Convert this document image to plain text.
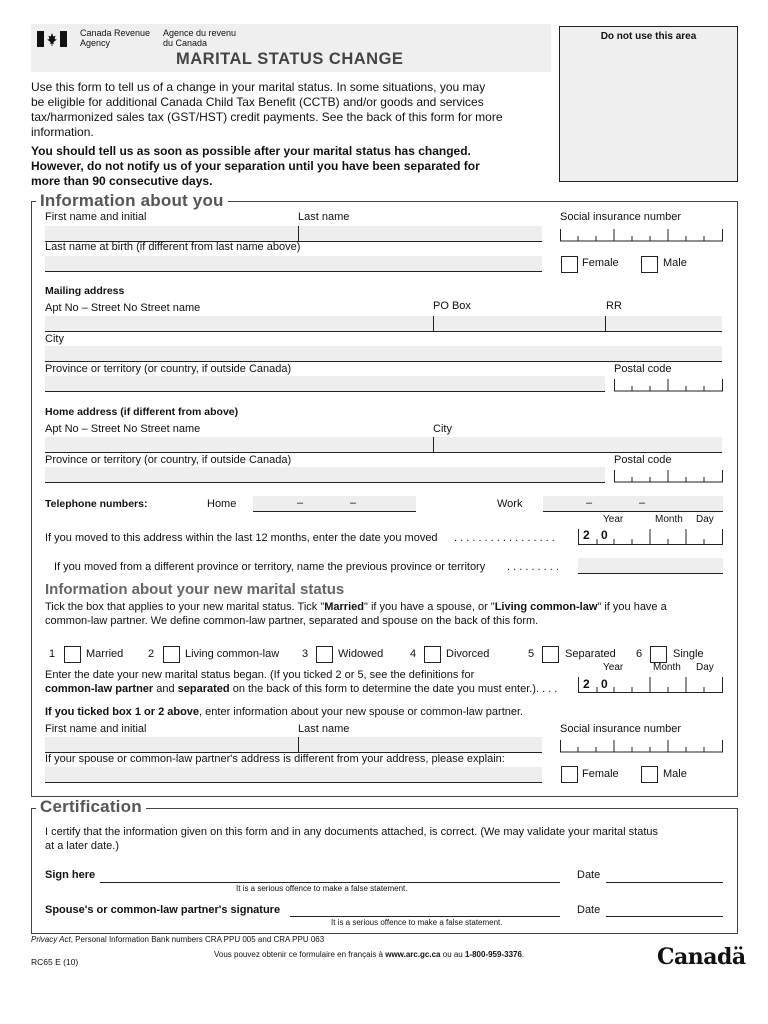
Canada Revenue
Agency
Agence du revenu
du Canada
MARITAL STATUS CHANGE
Do not use this area
Use this form to tell us of a change in your marital status. In some situations, you may
be eligible for additional Canada Child Tax Benefit (CCTB) and/or goods and services
tax/harmonized sales tax (GST/HST) credit payments. See the back of this form for more
information.
You should tell us as soon as possible after your marital status has changed.
However, do not notify us of your separation until you have been separated for
more than 90 consecutive days.
Information about you
First name and initial	Last name	Social insurance number
Last name at birth (if different from last name above)
Female	Male
Mailing address
Apt No – Street No Street name	PO Box	RR
City
Province or territory (or country, if outside Canada)	Postal code
Home address (if different from above)
Apt No – Street No Street name	City
Province or territory (or country, if outside Canada)	Postal code
Telephone numbers:	Home	–	–	Work	–	–
Year	Month Day
If you moved to this address within the last 12 months, enter the date you moved . . . . . . . . . . . . . . . . . 2 0
If you moved from a different province or territory, name the previous province or territory . . . . . . . . .
Information about your new marital status
Tick the box that applies to your new marital status. Tick "Married" if you have a spouse, or "Living common-law" if you have a
common-law partner. We define common-law partner, separated and spouse on the back of this form.
1	Married 2	Living common-law 3	Widowed 4	Divorced	5	Separated 6	Single
Year	Month Day
Enter the date your new marital status began. (If you ticked 2 or 5, see the definitions for
common-law partner and separated on the back of this form to determine the date you must enter.). . . . 2 0
If you ticked box 1 or 2 above, enter information about your new spouse or common-law partner.
First name and initial	Last name	Social insurance number
If your spouse or common-law partner's address is different from your address, please explain:
Female	Male
Certification
I certify that the information given on this form and in any documents attached, is correct. (We may validate your marital status
at a later date.)
Sign here
It is a serious offence to make a false statement.
Date
Spouse's or common-law partner's signature
It is a serious offence to make a false statement.
Date
Privacy Act, Personal Information Bank numbers CRA PPU 005 and CRA PPU 063
RC65 E (10)
Vous pouvez obtenir ce formulaire en français à www.arc.gc.ca ou au 1-800-959-3376.	Canadä
